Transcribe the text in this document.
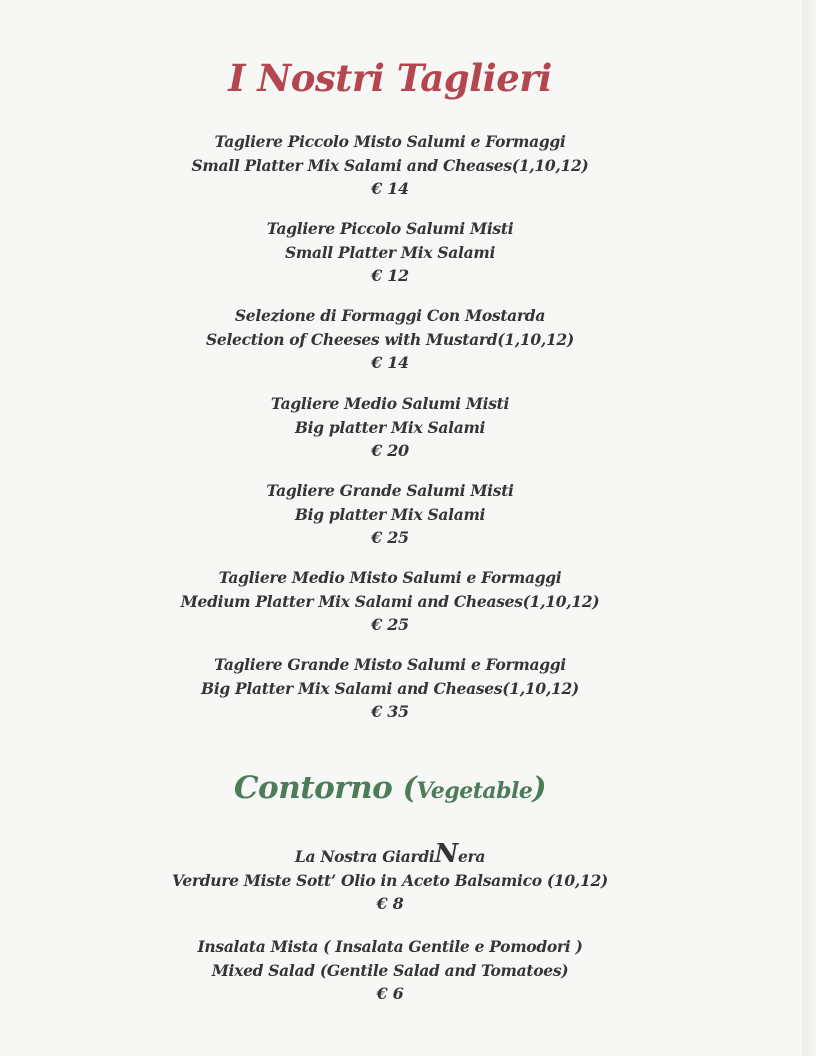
I Nostri Taglieri
Tagliere Piccolo Misto Salumi e Formaggi
Small Platter Mix Salami and Cheases(1,10,12)
€ 14
Tagliere Piccolo Salumi Misti
Small Platter Mix Salami
€ 12
Selezione di Formaggi Con Mostarda
Selection of Cheeses with Mustard(1,10,12)
€ 14
Tagliere Medio Salumi Misti
Big platter Mix Salami
€ 20
Tagliere Grande Salumi Misti
Big platter Mix Salami
€ 25
Tagliere Medio Misto Salumi e Formaggi
Medium Platter Mix Salami and Cheases(1,10,12)
€ 25
Tagliere Grande Misto Salumi e Formaggi
Big Platter Mix Salami and Cheases(1,10,12)
€ 35
Contorno (Vegetable)
La Nostra GiardiNera
Verdure Miste Sott’ Olio in Aceto Balsamico (10,12)
€ 8
Insalata Mista ( Insalata Gentile e Pomodori )
Mixed Salad (Gentile Salad and Tomatoes)
€ 6
